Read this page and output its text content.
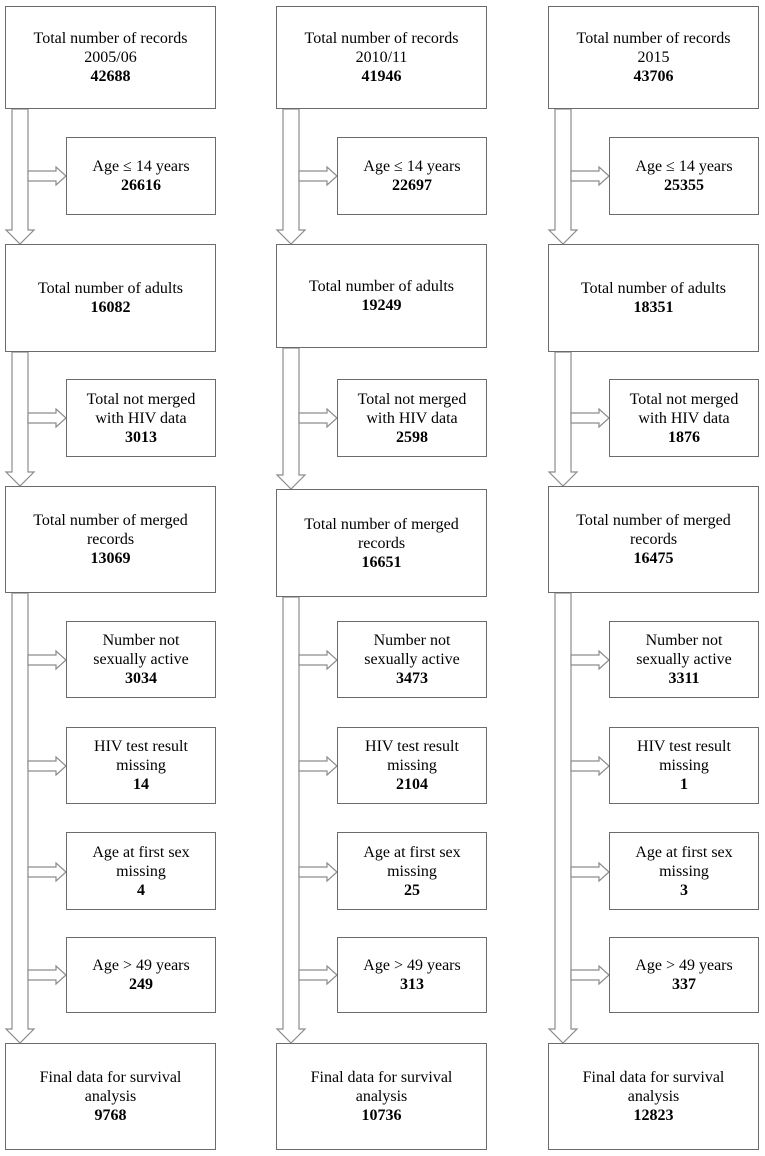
Total number of records
2005/06
42688
Age ≤ 14 years
26616
Total number of adults
16082
Total not merged
with HIV data
3013
Total number of merged
records
13069
Number not
sexually active
3034
HIV test result
missing
14
Age at first sex
missing
4
Age > 49 years
249
Final data for survival
analysis
9768
Total number of records
2010/11
41946
Age ≤ 14 years
22697
Total number of adults
19249
Total not merged
with HIV data
2598
Total number of merged
records
16651
Number not
sexually active
3473
HIV test result
missing
2104
Age at first sex
missing
25
Age > 49 years
313
Final data for survival
analysis
10736
Total number of records
2015
43706
Age ≤ 14 years
25355
Total number of adults
18351
Total not merged
with HIV data
1876
Total number of merged
records
16475
Number not
sexually active
3311
HIV test result
missing
1
Age at first sex
missing
3
Age > 49 years
337
Final data for survival
analysis
12823
